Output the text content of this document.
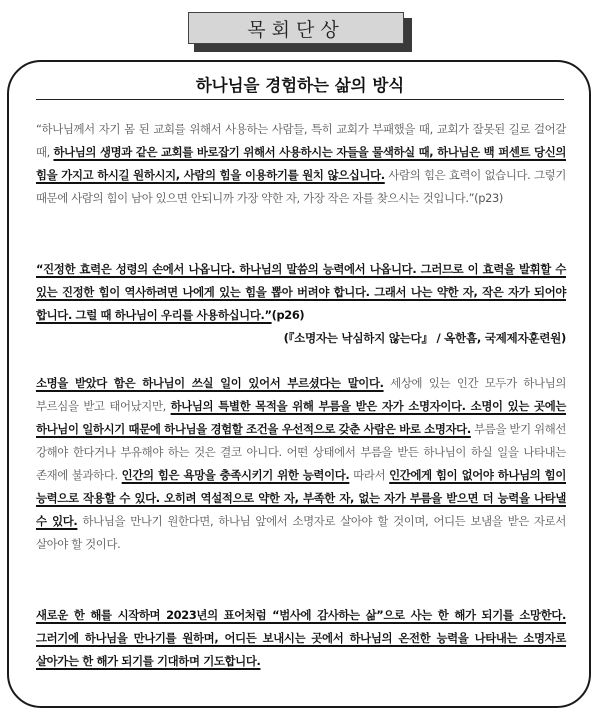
목회단상
하나님을 경험하는 삶의 방식

“하나님께서 자기 몸 된 교회를 위해서 사용하는 사람들, 특히 교회가 부패했을 때, 교회가 잘못된 길로 걸어갈 때, 하나님의 생명과 같은 교회를 바로잡기 위해서 사용하시는 자들을 물색하실 때, 하나님은 백 퍼센트 당신의 힘을 가지고 하시길 원하시지, 사람의 힘을 이용하기를 원치 않으십니다. 사람의 힘은 효력이 없습니다. 그렇기 때문에 사람의 힘이 남아 있으면 안되니까 가장 약한 자, 가장 작은 자를 찾으시는 것입니다.”(p23)

“진정한 효력은 성령의 손에서 나옵니다. 하나님의 말씀의 능력에서 나옵니다. 그러므로 이 효력을 발휘할 수 있는 진정한 힘이 역사하려면 나에게 있는 힘을 뽑아 버려야 합니다. 그래서 나는 약한 자, 작은 자가 되어야 합니다. 그럴 때 하나님이 우리를 사용하십니다.”(p26)

(『소명자는 낙심하지 않는다』 / 옥한흠, 국제제자훈련원)

소명을 받았다 함은 하나님이 쓰실 일이 있어서 부르셨다는 말이다. 세상에 있는 인간 모두가 하나님의 부르심을 받고 태어났지만, 하나님의 특별한 목적을 위해 부름을 받은 자가 소명자이다. 소명이 있는 곳에는 하나님이 일하시기 때문에 하나님을 경험할 조건을 우선적으로 갖춘 사람은 바로 소명자다. 부름을 받기 위해선 강해야 한다거나 부유해야 하는 것은 결코 아니다. 어떤 상태에서 부름을 받든 하나님이 하실 일을 나타내는 존재에 불과하다. 인간의 힘은 욕망을 충족시키기 위한 능력이다. 따라서 인간에게 힘이 없어야 하나님의 힘이 능력으로 작용할 수 있다. 오히려 역설적으로 약한 자, 부족한 자, 없는 자가 부름을 받으면 더 능력을 나타낼 수 있다. 하나님을 만나기 원한다면, 하나님 앞에서 소명자로 살아야 할 것이며, 어디든 보냄을 받은 자로서 살아야 할 것이다.

새로운 한 해를 시작하며 2023년의 표어처럼 “범사에 감사하는 삶”으로 사는 한 해가 되기를 소망한다. 그러기에 하나님을 만나기를 원하며, 어디든 보내시는 곳에서 하나님의 온전한 능력을 나타내는 소명자로 살아가는 한 해가 되기를 기대하며 기도합니다.
